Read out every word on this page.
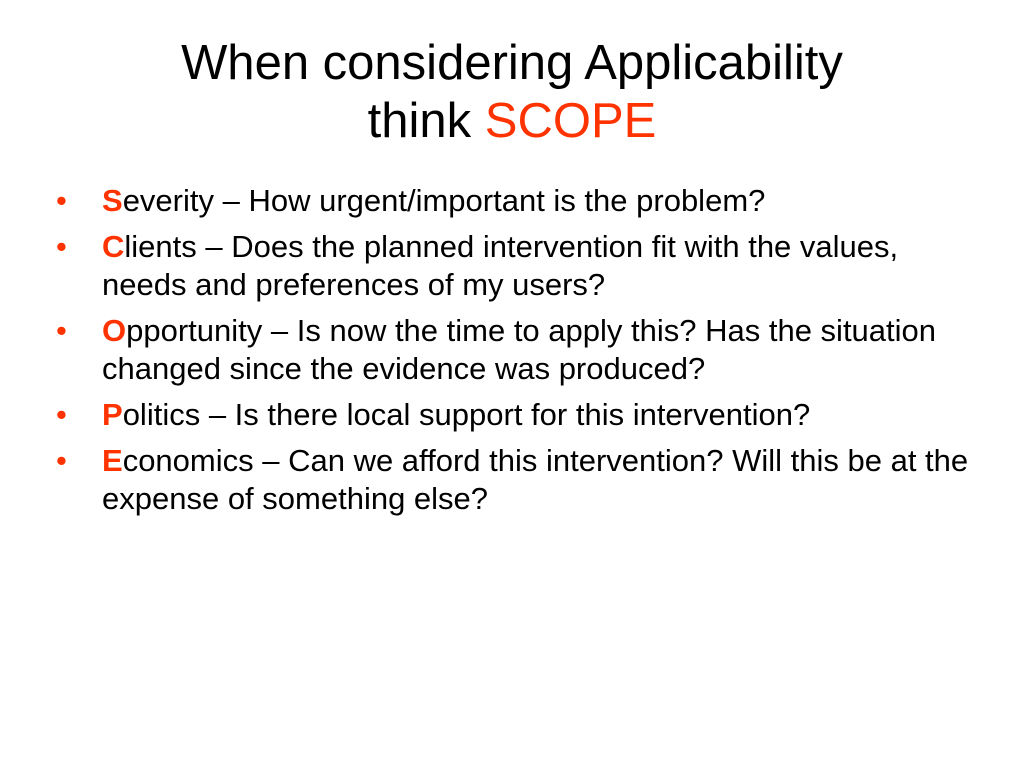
When considering Applicability
think SCOPE
•	Severity – How urgent/important is the problem?
•	Clients – Does the planned intervention fit with the values, needs and preferences of my users?
•	Opportunity – Is now the time to apply this? Has the situation changed since the evidence was produced?
•	Politics – Is there local support for this intervention?
•	Economics – Can we afford this intervention? Will this be at the expense of something else?
